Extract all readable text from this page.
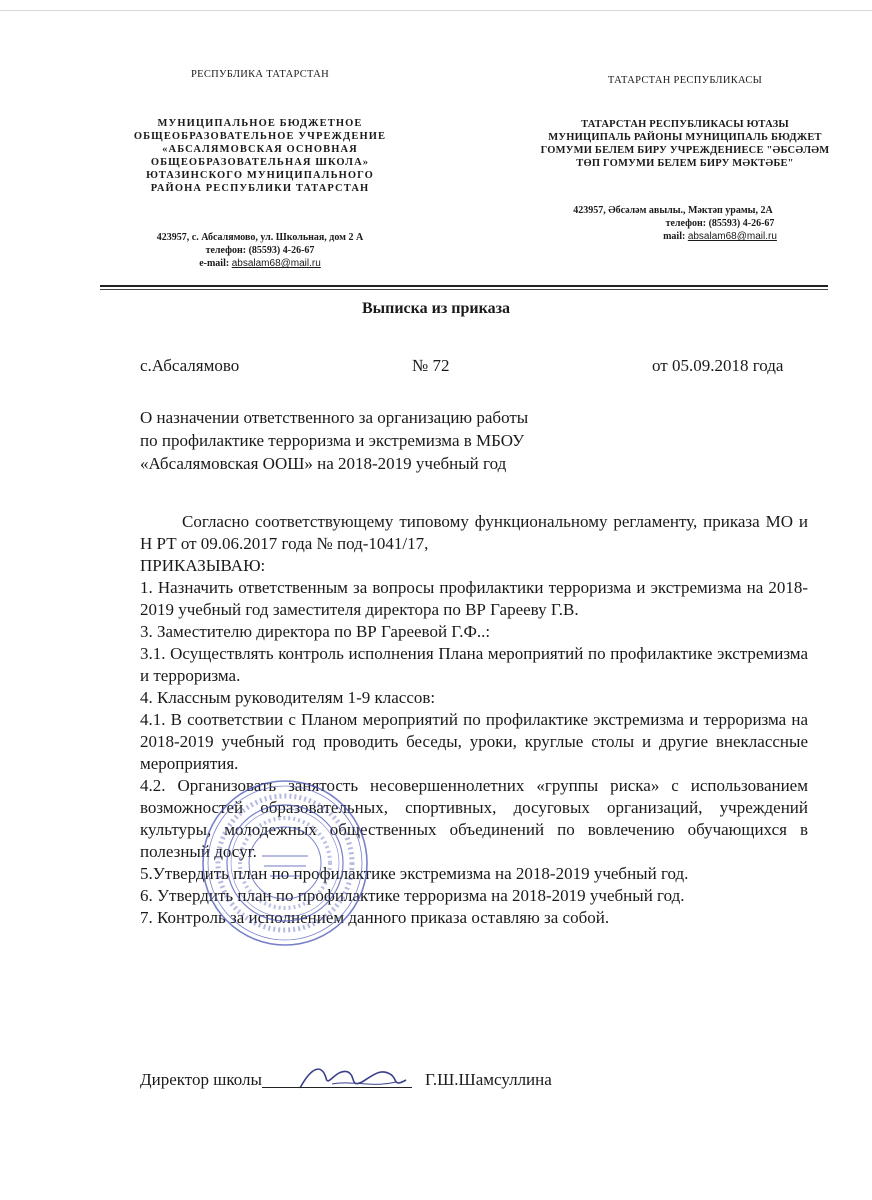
РЕСПУБЛИКА ТАТАРСТАН
МУНИЦИПАЛЬНОЕ БЮДЖЕТНОЕ
ОБЩЕОБРАЗОВАТЕЛЬНОЕ УЧРЕЖДЕНИЕ
«АБСАЛЯМОВСКАЯ ОСНОВНАЯ
ОБЩЕОБРАЗОВАТЕЛЬНАЯ ШКОЛА»
ЮТАЗИНСКОГО МУНИЦИПАЛЬНОГО
РАЙОНА РЕСПУБЛИКИ ТАТАРСТАН
423957, с. Абсалямово, ул. Школьная, дом 2 А
телефон: (85593) 4-26-67
e-mail: absalam68@mail.ru
ТАТАРСТАН РЕСПУБЛИКАСЫ
ТАТАРСТАН РЕСПУБЛИКАСЫ ЮТАЗЫ
МУНИЦИПАЛЬ РАЙОНЫ МУНИЦИПАЛЬ БЮДЖЕТ
ГОМУМИ БЕЛЕМ БИРУ УЧРЕЖДЕНИЕСЕ "ӘБСӘЛӘМ
ТӨП ГОМУМИ БЕЛЕМ БИРУ МӘКТӘБЕ"
423957, Әбсәләм авылы., Мәктәп урамы, 2А
телефон: (85593) 4-26-67
mail: absalam68@mail.ru
Выписка из приказа
с.Абсалямово	№ 72	от 05.09.2018 года
О назначении ответственного за организацию работы
по профилактике терроризма и экстремизма в МБОУ
«Абсалямовская ООШ» на 2018-2019 учебный год

Согласно соответствующему типовому функциональному регламенту, приказа МО и Н РТ от 09.06.2017 года № под-1041/17,

ПРИКАЗЫВАЮ:

1. Назначить ответственным за вопросы профилактики терроризма и экстремизма на 2018-2019 учебный год заместителя директора по ВР Гарееву Г.В.

3. Заместителю директора по ВР Гареевой Г.Ф..:

3.1. Осуществлять контроль исполнения Плана мероприятий по профилактике экстремизма и терроризма.

4. Классным руководителям 1-9 классов:

4.1. В соответствии с Планом мероприятий по профилактике экстремизма и терроризма на 2018-2019 учебный год проводить беседы, уроки, круглые столы и другие внеклассные мероприятия.

4.2. Организовать занятость несовершеннолетних «группы риска» с использованием возможностей образовательных, спортивных, досуговых организаций, учреждений культуры, молодежных общественных объединений по вовлечению обучающихся в полезный досуг.

5.Утвердить план по профилактике экстремизма на 2018-2019 учебный год.

6. Утвердить план по профилактике терроризма на 2018-2019 учебный год.

7. Контроль за исполнением данного приказа оставляю за собой.

Директор школы	Г.Ш.Шамсуллина
